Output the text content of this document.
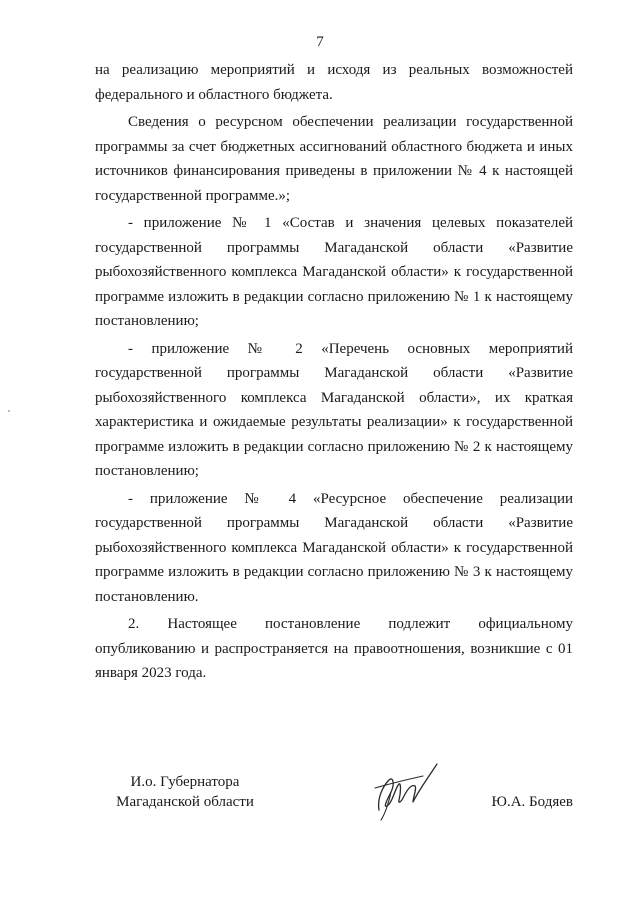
7

на реализацию мероприятий и исходя из реальных возможностей федерального и областного бюджета.

Сведения о ресурсном обеспечении реализации государственной программы за счет бюджетных ассигнований областного бюджета и иных источников финансирования приведены в приложении № 4 к настоящей государственной программе.»;

- приложение № 1 «Состав и значения целевых показателей государственной программы Магаданской области «Развитие рыбохозяйственного комплекса Магаданской области» к государственной программе изложить в редакции согласно приложению № 1 к настоящему постановлению;

- приложение № 2 «Перечень основных мероприятий государственной программы Магаданской области «Развитие рыбохозяйственного комплекса Магаданской области», их краткая характеристика и ожидаемые результаты реализации» к государственной программе изложить в редакции согласно приложению № 2 к настоящему постановлению;

- приложение № 4 «Ресурсное обеспечение реализации государственной программы Магаданской области «Развитие рыбохозяйственного комплекса Магаданской области» к государственной программе изложить в редакции согласно приложению № 3 к настоящему постановлению.

2. Настоящее постановление подлежит официальному опубликованию и распространяется на правоотношения, возникшие с 01 января 2023 года.

И.о. Губернатора
Магаданской области	Ю.А. Бодяев
